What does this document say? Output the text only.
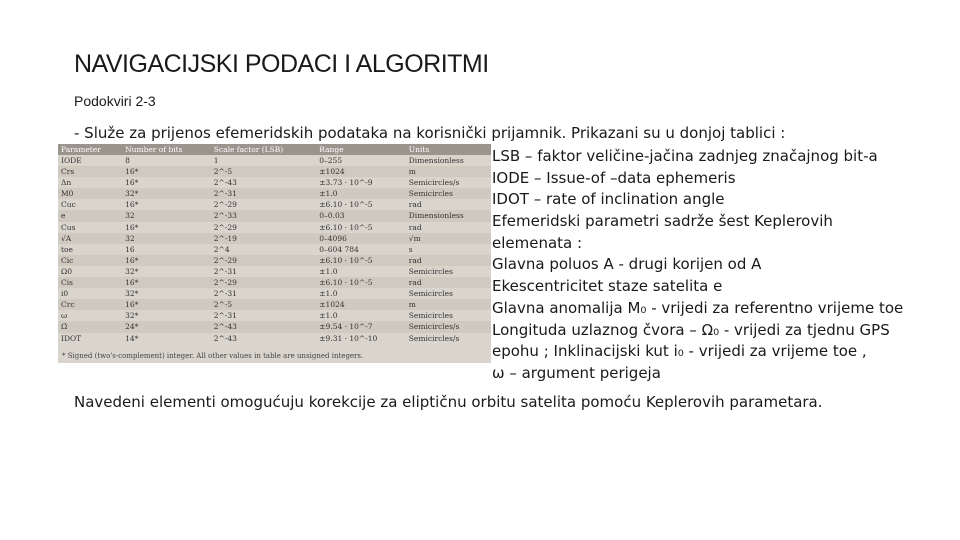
NAVIGACIJSKI PODACI I ALGORITMI
Podokviri 2-3
- Služe za prijenos efemeridskih podataka na korisnički prijamnik. Prikazani su u donjoj tablici :
Parameter	Number of bits	Scale factor (LSB)	Range	Units
IODE	8	1	0–255	Dimensionless
Crs	16*	2^-5	±1024	m
Δn	16*	2^-43	±3.73 · 10^-9	Semicircles/s
M0	32*	2^-31	±1.0	Semicircles
Cuc	16*	2^-29	±6.10 · 10^-5	rad
e	32	2^-33	0–0.03	Dimensionless
Cus	16*	2^-29	±6.10 · 10^-5	rad
√A	32	2^-19	0–4096	√m
toe	16	2^4	0–604 784	s
Cic	16*	2^-29	±6.10 · 10^-5	rad
Ω0	32*	2^-31	±1.0	Semicircles
Cis	16*	2^-29	±6.10 · 10^-5	rad
i0	32*	2^-31	±1.0	Semicircles
Crc	16*	2^-5	±1024	m
ω	32*	2^-31	±1.0	Semicircles
Ω̇	24*	2^-43	±9.54 · 10^-7	Semicircles/s
IDOT	14*	2^-43	±9.31 · 10^-10	Semicircles/s
* Signed (two's-complement) integer. All other values in table are unsigned integers.
LSB – faktor veličine-jačina zadnjeg značajnog bit-a
IODE – Issue-of –data ephemeris
IDOT – rate of inclination angle
Efemeridski parametri sadrže šest Keplerovih
elemenata :
Glavna poluos A - drugi korijen od A
Ekescentricitet staze satelita e
Glavna anomalija M₀ - vrijedi za referentno vrijeme toe
Longituda uzlaznog čvora – Ω₀ - vrijedi za tjednu GPS
epohu ; Inklinacijski kut i₀ - vrijedi za vrijeme toe ,
ω – argument perigeja
Navedeni elementi omogućuju korekcije za eliptičnu orbitu satelita pomoću Keplerovih parametara.
